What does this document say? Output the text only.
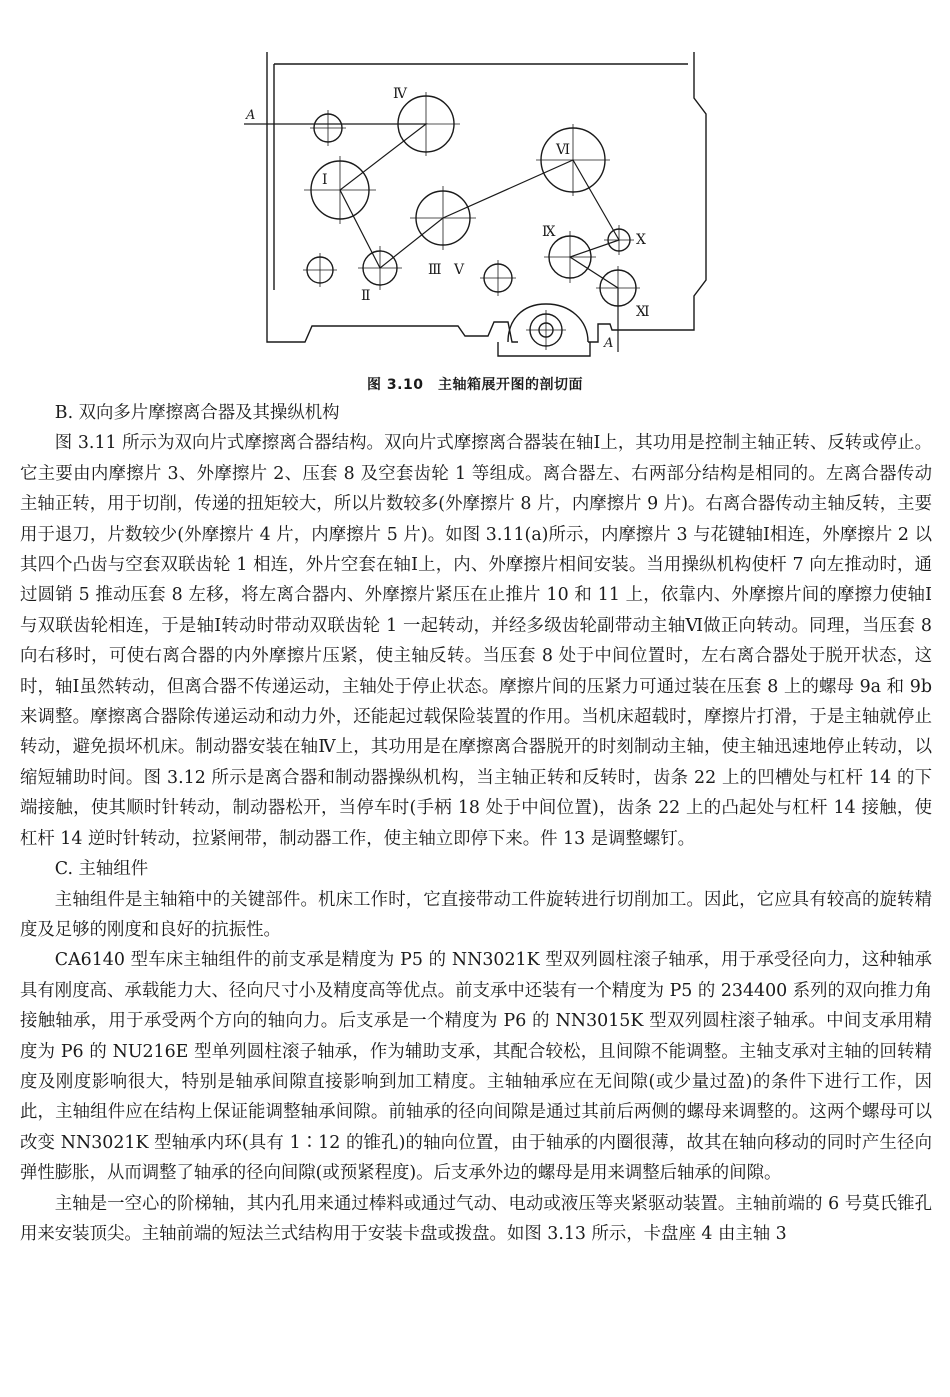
A
A
Ⅳ
Ⅰ
Ⅱ
Ⅲ Ⅴ
Ⅵ
Ⅸ	Ⅹ
Ⅺ
图 3.10　主轴箱展开图的剖切面

B. 双向多片摩擦离合器及其操纵机构

图 3.11 所示为双向片式摩擦离合器结构。双向片式摩擦离合器装在轴Ⅰ上，其功用是控制主轴正转、反转或停止。它主要由内摩擦片 3、外摩擦片 2、压套 8 及空套齿轮 1 等组成。离合器左、右两部分结构是相同的。左离合器传动主轴正转，用于切削，传递的扭矩较大，所以片数较多(外摩擦片 8 片，内摩擦片 9 片)。右离合器传动主轴反转，主要用于退刀，片数较少(外摩擦片 4 片，内摩擦片 5 片)。如图 3.11(a)所示，内摩擦片 3 与花键轴Ⅰ相连，外摩擦片 2 以其四个凸齿与空套双联齿轮 1 相连，外片空套在轴Ⅰ上，内、外摩擦片相间安装。当用操纵机构使杆 7 向左推动时，通过圆销 5 推动压套 8 左移，将左离合器内、外摩擦片紧压在止推片 10 和 11 上，依靠内、外摩擦片间的摩擦力使轴Ⅰ与双联齿轮相连，于是轴Ⅰ转动时带动双联齿轮 1 一起转动，并经多级齿轮副带动主轴Ⅵ做正向转动。同理，当压套 8 向右移时，可使右离合器的内外摩擦片压紧，使主轴反转。当压套 8 处于中间位置时，左右离合器处于脱开状态，这时，轴Ⅰ虽然转动，但离合器不传递运动，主轴处于停止状态。摩擦片间的压紧力可通过装在压套 8 上的螺母 9a 和 9b 来调整。摩擦离合器除传递运动和动力外，还能起过载保险装置的作用。当机床超载时，摩擦片打滑，于是主轴就停止转动，避免损坏机床。制动器安装在轴Ⅳ上，其功用是在摩擦离合器脱开的时刻制动主轴，使主轴迅速地停止转动，以缩短辅助时间。图 3.12 所示是离合器和制动器操纵机构，当主轴正转和反转时，齿条 22 上的凹槽处与杠杆 14 的下端接触，使其顺时针转动，制动器松开，当停车时(手柄 18 处于中间位置)，齿条 22 上的凸起处与杠杆 14 接触，使杠杆 14 逆时针转动，拉紧闸带，制动器工作，使主轴立即停下来。件 13 是调整螺钉。

C. 主轴组件

主轴组件是主轴箱中的关键部件。机床工作时，它直接带动工件旋转进行切削加工。因此，它应具有较高的旋转精度及足够的刚度和良好的抗振性。

CA6140 型车床主轴组件的前支承是精度为 P5 的 NN3021K 型双列圆柱滚子轴承，用于承受径向力，这种轴承具有刚度高、承载能力大、径向尺寸小及精度高等优点。前支承中还装有一个精度为 P5 的 234400 系列的双向推力角接触轴承，用于承受两个方向的轴向力。后支承是一个精度为 P6 的 NN3015K 型双列圆柱滚子轴承。中间支承用精度为 P6 的 NU216E 型单列圆柱滚子轴承，作为辅助支承，其配合较松，且间隙不能调整。主轴支承对主轴的回转精度及刚度影响很大，特别是轴承间隙直接影响到加工精度。主轴轴承应在无间隙(或少量过盈)的条件下进行工作，因此，主轴组件应在结构上保证能调整轴承间隙。前轴承的径向间隙是通过其前后两侧的螺母来调整的。这两个螺母可以改变 NN3021K 型轴承内环(具有 1∶12 的锥孔)的轴向位置，由于轴承的内圈很薄，故其在轴向移动的同时产生径向弹性膨胀，从而调整了轴承的径向间隙(或预紧程度)。后支承外边的螺母是用来调整后轴承的间隙。

主轴是一空心的阶梯轴，其内孔用来通过棒料或通过气动、电动或液压等夹紧驱动装置。主轴前端的 6 号莫氏锥孔用来安装顶尖。主轴前端的短法兰式结构用于安装卡盘或拨盘。如图 3.13 所示，卡盘座 4 由主轴 3
